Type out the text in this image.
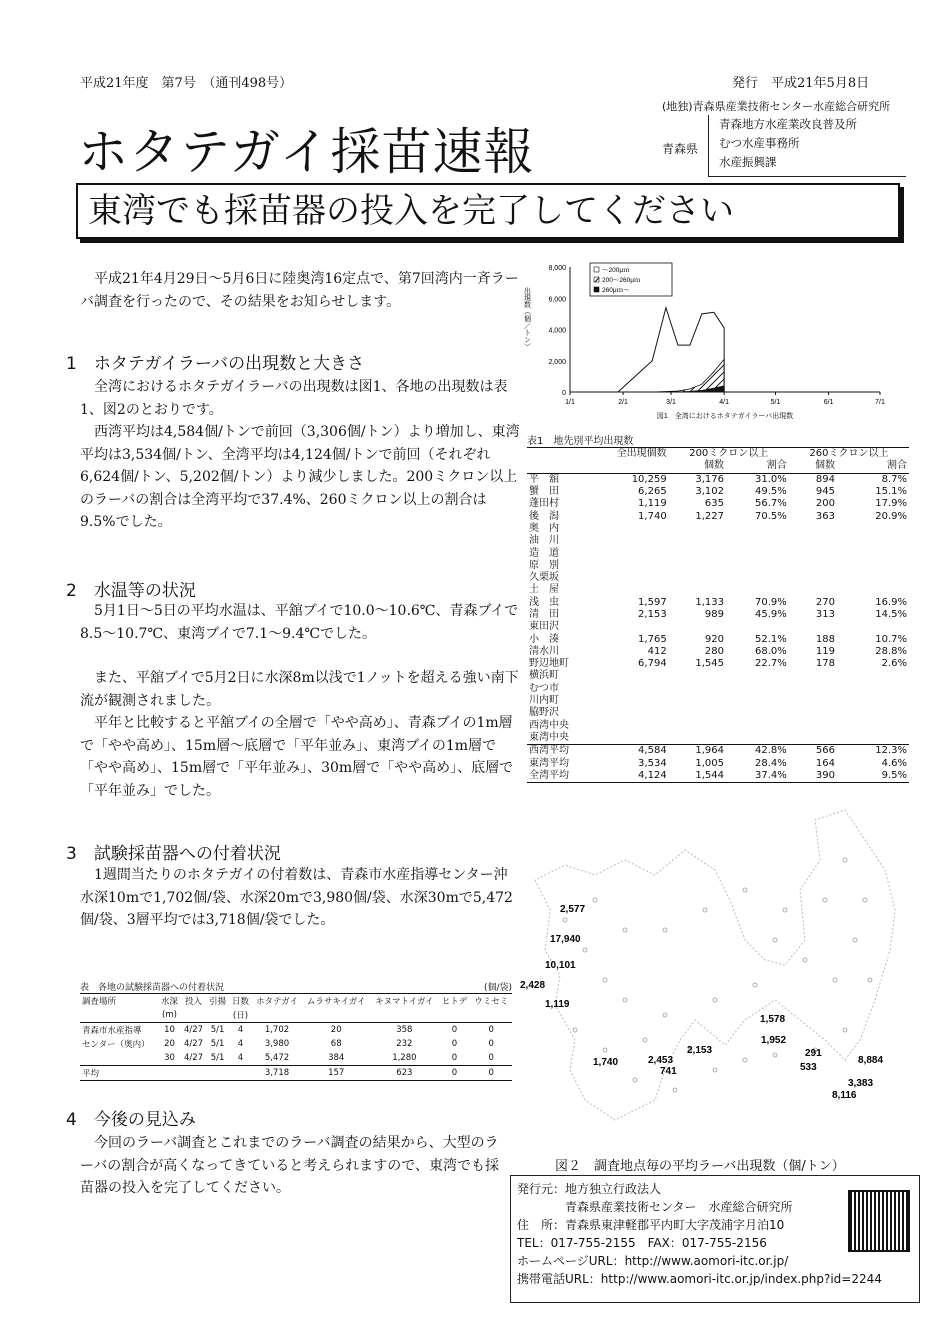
平成21年度　第7号　（通刊498号）	発行　平成21年5月8日
(地独)青森県産業技術センター水産総合研究所
ホタテガイ採苗速報	青森県
青森地方水産業改良普及所
むつ水産事務所
水産振興課
東湾でも採苗器の投入を完了してください
平成21年4月29日～5月6日に陸奥湾16定点で、第7回湾内一斉ラーバ調査を行ったので、その結果をお知らせします。
1　ホタテガイラーバの出現数と大きさ
全湾におけるホタテガイラーバの出現数は図1、各地の出現数は表1、図2のとおりです。
西湾平均は4,584個/トンで前回（3,306個/トン）より増加し、東湾平均は3,534個/トン、全湾平均は4,124個/トンで前回（それぞれ6,624個/トン、5,202個/トン）より減少しました。200ミクロン以上のラーバの割合は全湾平均で37.4%、260ミクロン以上の割合は9.5%でした。
2　水温等の状況
5月1日～5日の平均水温は、平舘ブイで10.0～10.6℃、青森ブイで8.5～10.7℃、東湾ブイで7.1～9.4℃でした。
また、平舘ブイで5月2日に水深8m以浅で1ノットを超える強い南下流が観測されました。
平年と比較すると平舘ブイの全層で「やや高め」、青森ブイの1m層で「やや高め」、15m層～底層で「平年並み」、東湾ブイの1m層で「やや高め」、15m層で「平年並み」、30m層で「やや高め」、底層で「平年並み」でした。
3　試験採苗器への付着状況
1週間当たりのホタテガイの付着数は、青森市水産指導センター沖水深10mで1,702個/袋、水深20mで3,980個/袋、水深30mで5,472個/袋、3層平均では3,718個/袋でした。
表　各地の試験採苗器への付着状況	(個/袋)
調査場所	水深	投入	引揚	日数	ホタテガイ	ムラサキイガイ	キヌマトイガイ	ヒトデ	ウミセミ
	(m)			(日)					
青森市水産指導	10	4/27	5/1	4	1,702	20	358	0	0
センター（奥内）	20	4/27	5/1	4	3,980	68	232	0	0
	30	4/27	5/1	4	5,472	384	1,280	0	0
平均					3,718	157	623	0	0
4　今後の見込み
今回のラーバ調査とこれまでのラーバ調査の結果から、大型のラーバの割合が高くなってきていると考えられますので、東湾でも採苗器の投入を完了してください。
8,000
6,000
4,000
2,000
0
1/1	2/1	3/1	4/1	5/1	6/1	7/1
出現数（個／トン）
～200μｍ
200～260μｍ
260μｍ～
図1　全湾におけるホタテガイラーバ出現数
表1　地先別平均出現数
	全出現個数	200ミクロン以上		260ミクロン以上	
		個数	割合	個数	割合
平　舘	10,259	3,176	31.0%	894	8.7%
蟹　田	6,265	3,102	49.5%	945	15.1%
蓬田村	1,119	635	56.7%	200	17.9%
後　潟	1,740	1,227	70.5%	363	20.9%
奥　内					
油　川					
造　道					
原　別					
久栗坂					
土　屋					
浅　虫	1,597	1,133	70.9%	270	16.9%
清　田	2,153	989	45.9%	313	14.5%
東田沢					
小　湊	1,765	920	52.1%	188	10.7%
清水川	412	280	68.0%	119	28.8%
野辺地町	6,794	1,545	22.7%	178	2.6%
横浜町					
むつ市					
川内町					
脇野沢					
西湾中央					
東湾中央					
西湾平均	4,584	1,964	42.8%	566	12.3%
東湾平均	3,534	1,005	28.4%	164	4.6%
全湾平均	4,124	1,544	37.4%	390	9.5%
2,577
17,940
10,101
2,428
1,119
1,740	2,453
741
2,153
1,578
1,952
291
533
8,884
3,383
8,116
図２　調査地点毎の平均ラーバ出現数（個/トン）
発行元：地方独立行政法人
　　　　青森県産業技術センター　水産総合研究所
住　所：青森県東津軽郡平内町大字茂浦字月泊10
TEL：017-755-2155　FAX：017-755-2156
ホームページURL：http://www.aomori-itc.or.jp/
携帯電話URL：http://www.aomori-itc.or.jp/index.php?id=2244
